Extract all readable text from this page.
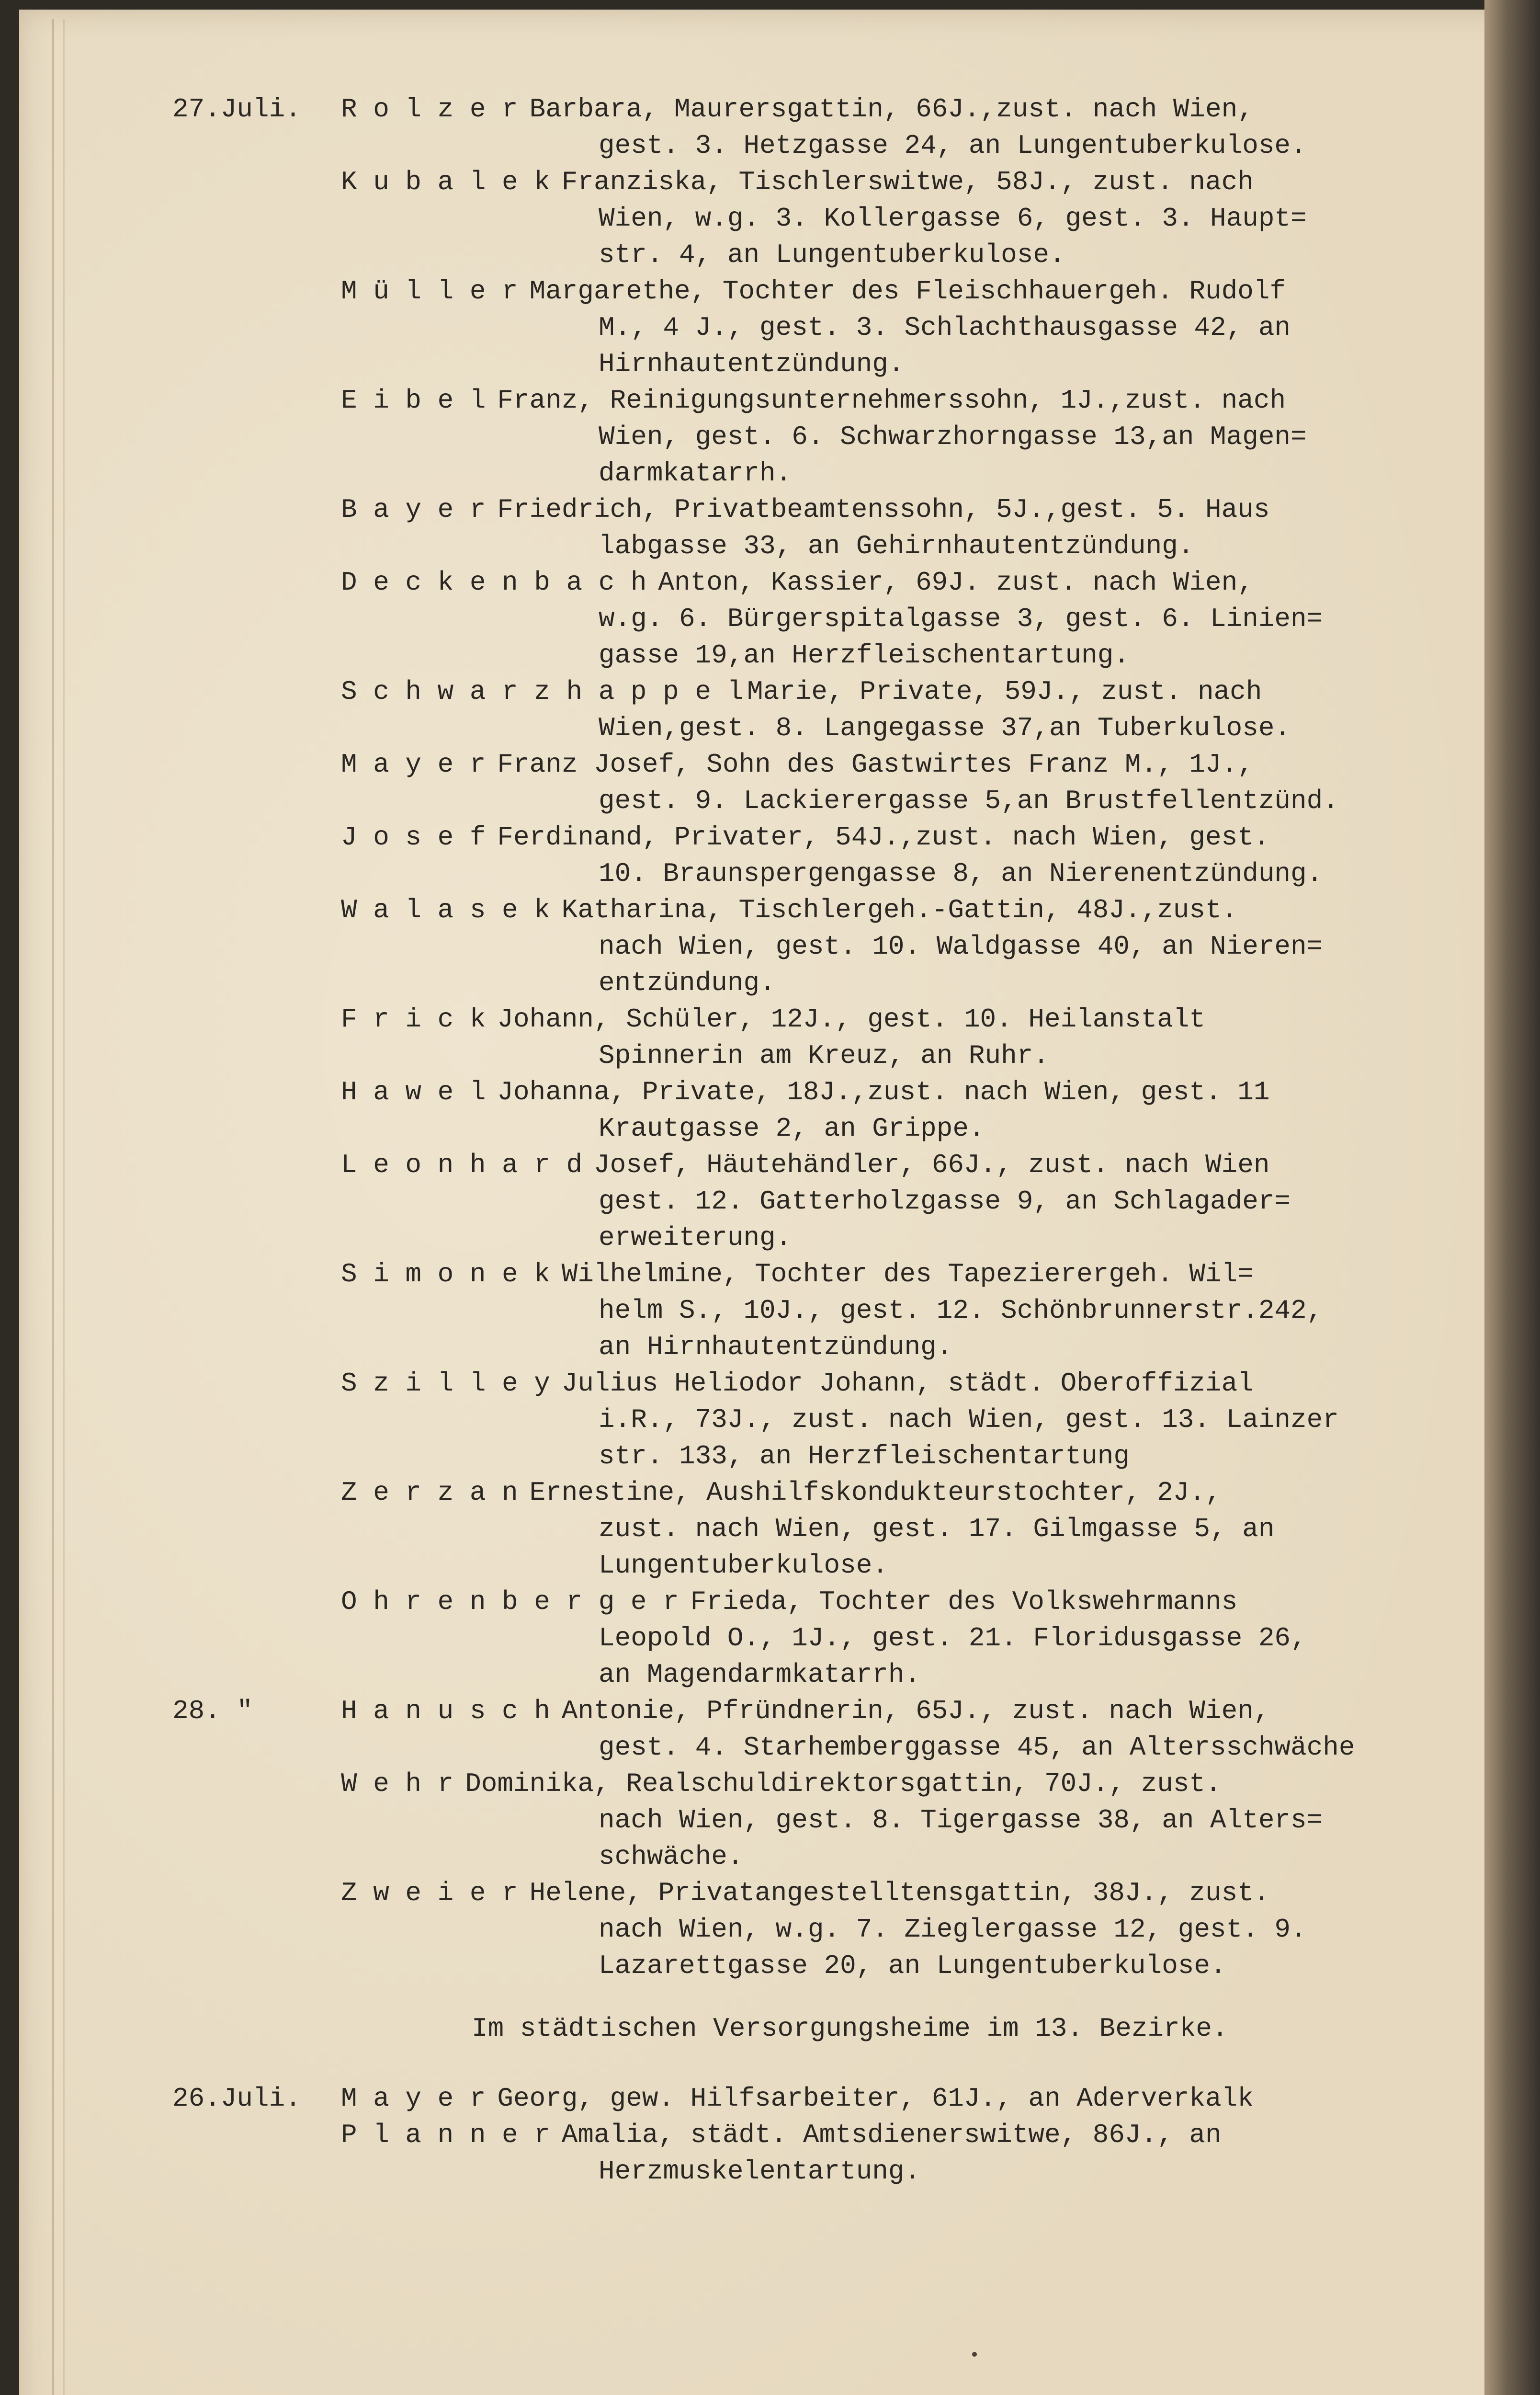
27.Juli. R o l z e r Barbara, Maurersgattin, 66J.,zust. nach Wien,
gest. 3. Hetzgasse 24, an Lungentuberkulose.
K u b a l e k Franziska, Tischlerswitwe, 58J., zust. nach
Wien, w.g. 3. Kollergasse 6, gest. 3. Haupt=
str. 4, an Lungentuberkulose.
M ü l l e r Margarethe, Tochter des Fleischhauergeh. Rudolf
M., 4 J., gest. 3. Schlachthausgasse 42, an
Hirnhautentzündung.
E i b e l Franz, Reinigungsunternehmerssohn, 1J.,zust. nach
Wien, gest. 6. Schwarzhorngasse 13,an Magen=
darmkatarrh.
B a y e r Friedrich, Privatbeamtenssohn, 5J.,gest. 5. Haus
labgasse 33, an Gehirnhautentzündung.
D e c k e n b a c h Anton, Kassier, 69J. zust. nach Wien,
w.g. 6. Bürgerspitalgasse 3, gest. 6. Linien=
gasse 19,an Herzfleischentartung.
S c h w a r z h a p p e l Marie, Private, 59J., zust. nach
Wien,gest. 8. Langegasse 37,an Tuberkulose.
M a y e r Franz Josef, Sohn des Gastwirtes Franz M., 1J.,
gest. 9. Lackierergasse 5,an Brustfellentzünd.
J o s e f Ferdinand, Privater, 54J.,zust. nach Wien, gest.
10. Braunspergengasse 8, an Nierenentzündung.
W a l a s e k Katharina, Tischlergeh.-Gattin, 48J.,zust.
nach Wien, gest. 10. Waldgasse 40, an Nieren=
entzündung.
F r i c k Johann, Schüler, 12J., gest. 10. Heilanstalt
Spinnerin am Kreuz, an Ruhr.
H a w e l Johanna, Private, 18J.,zust. nach Wien, gest. 11
Krautgasse 2, an Grippe.
L e o n h a r d Josef, Häutehändler, 66J., zust. nach Wien
gest. 12. Gatterholzgasse 9, an Schlagader=
erweiterung.
S i m o n e k Wilhelmine, Tochter des Tapezierergeh. Wil=
helm S., 10J., gest. 12. Schönbrunnerstr.242,
an Hirnhautentzündung.
S z i l l e y Julius Heliodor Johann, städt. Oberoffizial
i.R., 73J., zust. nach Wien, gest. 13. Lainzer
str. 133, an Herzfleischentartung
Z e r z a n Ernestine, Aushilfskondukteurstochter, 2J.,
zust. nach Wien, gest. 17. Gilmgasse 5, an
Lungentuberkulose.
O h r e n b e r g e r Frieda, Tochter des Volkswehrmanns
Leopold O., 1J., gest. 21. Floridusgasse 26,
an Magendarmkatarrh.
28. "	H a n u s c h Antonie, Pfründnerin, 65J., zust. nach Wien,
gest. 4. Starhemberggasse 45, an Altersschwäche
W e h r Dominika, Realschuldirektorsgattin, 70J., zust.
nach Wien, gest. 8. Tigergasse 38, an Alters=
schwäche.
Z w e i e r Helene, Privatangestelltensgattin, 38J., zust.
nach Wien, w.g. 7. Zieglergasse 12, gest. 9.
Lazarettgasse 20, an Lungentuberkulose.
Im städtischen Versorgungsheime im 13. Bezirke.
26.Juli. M a y e r Georg, gew. Hilfsarbeiter, 61J., an Aderverkalk
P l a n n e r Amalia, städt. Amtsdienerswitwe, 86J., an
Herzmuskelentartung.
